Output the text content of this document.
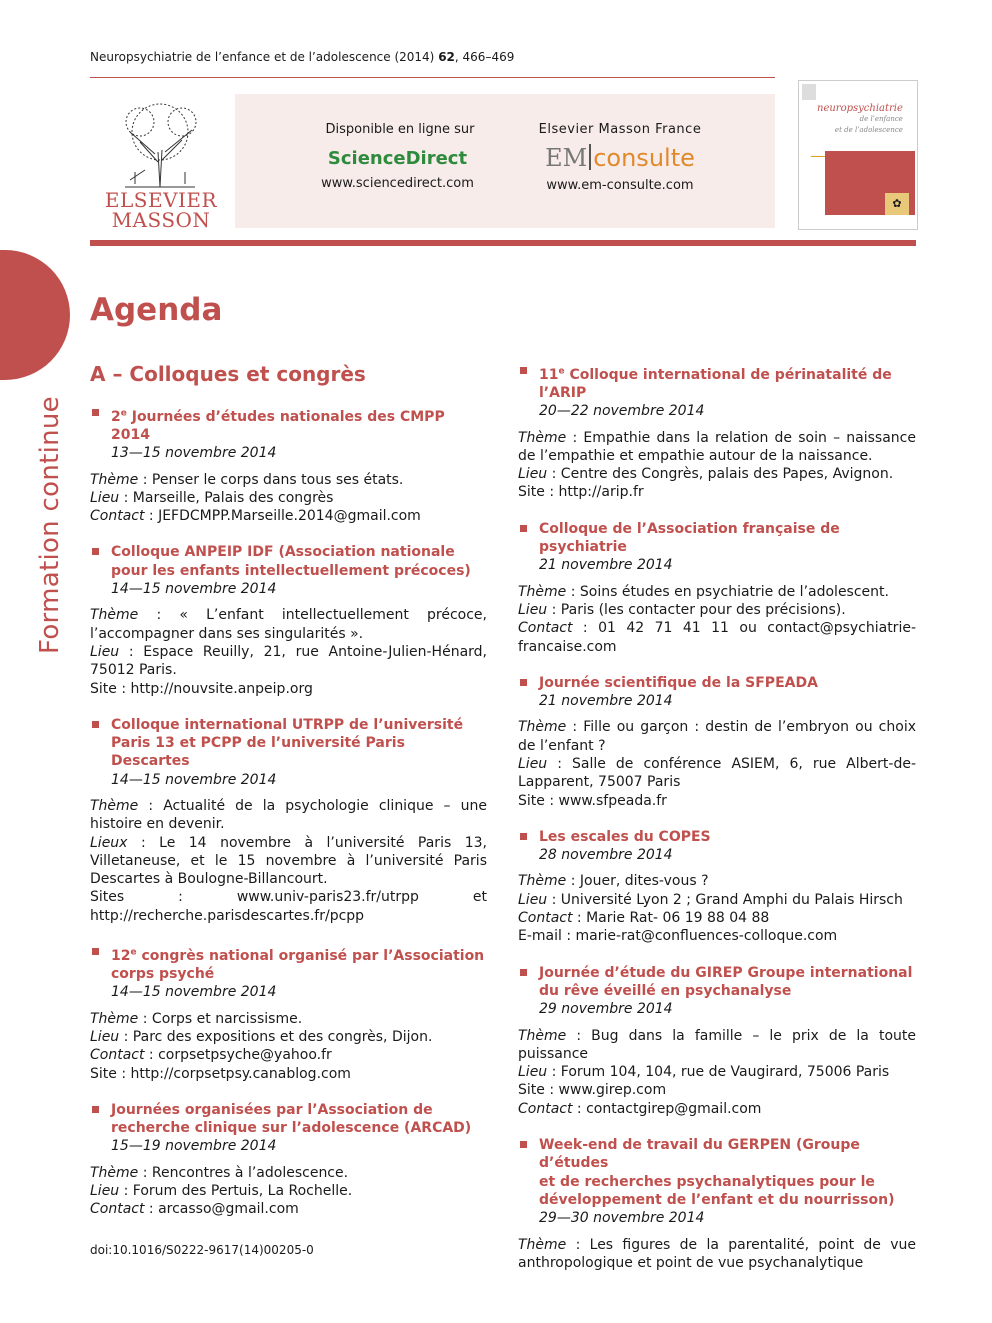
Neuropsychiatrie de l’enfance et de l’adolescence (2014) 62, 466–469
ELSEVIER
MASSON
Disponible en ligne sur
ScienceDirect
www.sciencedirect.com
Elsevier Masson France
EM consulte
www.em-consulte.com
neuropsychiatrie
de l’enfance
et de l’adolescence
✿
Formation continue
Agenda
A – Colloques et congrès
2e Journées d’études nationales des CMPP 2014
13—15 novembre 2014
Thème : Penser le corps dans tous ses états.
Lieu : Marseille, Palais des congrès
Contact : JEFDCMPP.Marseille.2014@gmail.com
Colloque ANPEIP IDF (Association nationale
pour les enfants intellectuellement précoces)
14—15 novembre 2014
Thème : « L’enfant intellectuellement précoce, l’accompagner dans ses singularités ».
Lieu : Espace Reuilly, 21, rue Antoine-Julien-Hénard, 75012 Paris.
Site : http://nouvsite.anpeip.org
Colloque international UTRPP de l’université Paris 13 et PCPP de l’université Paris Descartes
14—15 novembre 2014
Thème : Actualité de la psychologie clinique – une histoire en devenir.
Lieux : Le 14 novembre à l’université Paris 13, Villetaneuse, et le 15 novembre à l’université Paris Descartes à Boulogne-Billancourt.
Sites : www.univ-paris23.fr/utrpp et http://recherche.parisdescartes.fr/pcpp
12e congrès national organisé par l’Association corps psyché
14—15 novembre 2014
Thème : Corps et narcissisme.
Lieu : Parc des expositions et des congrès, Dijon.
Contact : corpsetpsyche@yahoo.fr
Site : http://corpsetpsy.canablog.com
Journées organisées par l’Association de recherche clinique sur l’adolescence (ARCAD)
15—19 novembre 2014
Thème : Rencontres à l’adolescence.
Lieu : Forum des Pertuis, La Rochelle.
Contact : arcasso@gmail.com
11e Colloque international de périnatalité de l’ARIP
20—22 novembre 2014
Thème : Empathie dans la relation de soin – naissance de l’empathie et empathie autour de la naissance.
Lieu : Centre des Congrès, palais des Papes, Avignon.
Site : http://arip.fr
Colloque de l’Association française de psychiatrie
21 novembre 2014
Thème : Soins études en psychiatrie de l’adolescent.
Lieu : Paris (les contacter pour des précisions).
Contact : 01 42 71 41 11 ou contact@psychiatrie-francaise.com
Journée scientifique de la SFPEADA
21 novembre 2014
Thème : Fille ou garçon : destin de l’embryon ou choix de l’enfant ?
Lieu : Salle de conférence ASIEM, 6, rue Albert-de-Lapparent, 75007 Paris
Site : www.sfpeada.fr
Les escales du COPES
28 novembre 2014
Thème : Jouer, dites-vous ?
Lieu : Université Lyon 2 ; Grand Amphi du Palais Hirsch
Contact : Marie Rat- 06 19 88 04 88
E-mail : marie-rat@confluences-colloque.com
Journée d’étude du GIREP Groupe international
du rêve éveillé en psychanalyse
29 novembre 2014
Thème : Bug dans la famille – le prix de la toute puissance
Lieu : Forum 104, 104, rue de Vaugirard, 75006 Paris
Site : www.girep.com
Contact : contactgirep@gmail.com
Week-end de travail du GERPEN (Groupe d’études
et de recherches psychanalytiques pour le
développement de l’enfant et du nourrisson)
29—30 novembre 2014
Thème : Les figures de la parentalité, point de vue anthropologique et point de vue psychanalytique
doi:10.1016/S0222-9617(14)00205-0
